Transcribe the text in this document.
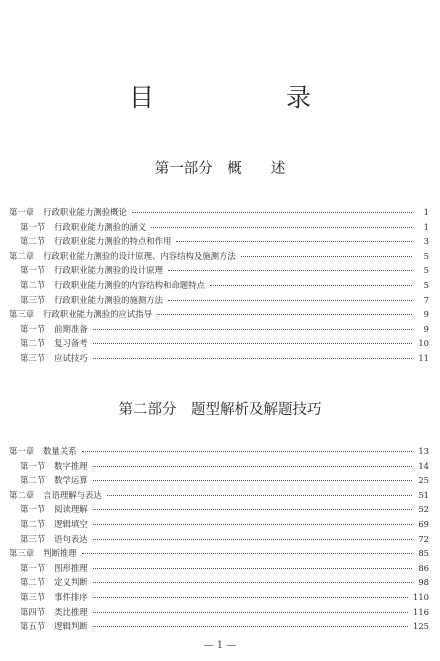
目 录
第一部分　概　　述
第一章 行政职业能力测验概论	1
第一节 行政职业能力测验的涵义	1
第二节 行政职业能力测验的特点和作用	3
第二章 行政职业能力测验的设计原理、内容结构及施测方法	5
第一节 行政职业能力测验的设计原理	5
第二节 行政职业能力测验的内容结构和命题特点	5
第三节 行政职业能力测验的施测方法	7
第三章 行政职业能力测验的应试指导	9
第一节 前期准备	9
第二节 复习备考	10
第三节 应试技巧	11
第二部分　题型解析及解题技巧
第一章 数量关系	13
第一节 数字推理	14
第二节 数学运算	25
第二章 言语理解与表达	51
第一节 阅读理解	52
第二节 逻辑填空	69
第三节 语句表达	72
第三章 判断推理	85
第一节 图形推理	86
第二节 定义判断	98
第三节 事件排序	110
第四节 类比推理	116
第五节 逻辑判断	125
— 1 —
